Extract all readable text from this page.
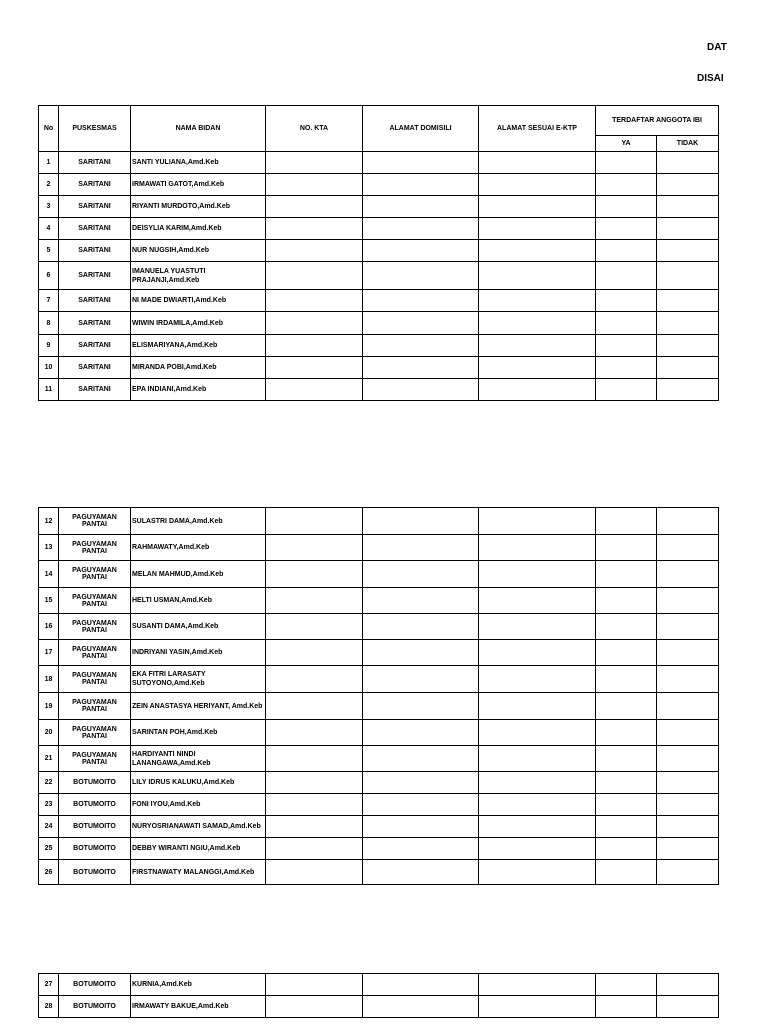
DAT
DISAI
No	PUSKESMAS	NAMA BIDAN	NO. KTA	ALAMAT DOMISILI	ALAMAT SESUAI E-KTP	TERDAFTAR ANGGOTA IBI	
						YA	TIDAK
1	SARITANI	SANTI YULIANA,Amd.Keb					
2	SARITANI	IRMAWATI GATOT,Amd.Keb					
3	SARITANI	RIYANTI MURDOTO,Amd.Keb					
4	SARITANI	DEISYLIA KARIM,Amd.Keb					
5	SARITANI	NUR NUGSIH,Amd.Keb					
6	SARITANI	IMANUELA YUASTUTI PRAJANJI,Amd.Keb					
7	SARITANI	NI MADE DWIARTI,Amd.Keb					
8	SARITANI	WIWIN IRDAMILA,Amd.Keb					
9	SARITANI	ELISMARIYANA,Amd.Keb					
10	SARITANI	MIRANDA POBI,Amd.Keb					
11	SARITANI	EPA INDIANI,Amd.Keb					
12	PAGUYAMAN PANTAI	SULASTRI DAMA,Amd.Keb					
13	PAGUYAMAN PANTAI	RAHMAWATY,Amd.Keb					
14	PAGUYAMAN PANTAI	MELAN MAHMUD,Amd.Keb					
15	PAGUYAMAN PANTAI	HELTI USMAN,Amd.Keb					
16	PAGUYAMAN PANTAI	SUSANTI DAMA,Amd.Keb					
17	PAGUYAMAN PANTAI	INDRIYANI YASIN,Amd.Keb					
18	PAGUYAMAN PANTAI	EKA FITRI LARASATY SUTOYONO,Amd.Keb					
19	PAGUYAMAN PANTAI	ZEIN ANASTASYA HERIYANT, Amd.Keb					
20	PAGUYAMAN PANTAI	SARINTAN POH,Amd.Keb					
21	PAGUYAMAN PANTAI	HARDIYANTI NINDI LANANGAWA,Amd.Keb					
22	BOTUMOITO	LILY IDRUS KALUKU,Amd.Keb					
23	BOTUMOITO	FONI IYOU,Amd.Keb					
24	BOTUMOITO	NURYOSRIANAWATI SAMAD,Amd.Keb					
25	BOTUMOITO	DEBBY WIRANTI NGIU,Amd.Keb					
26	BOTUMOITO	FIRSTNAWATY MALANGGI,Amd.Keb					
27	BOTUMOITO	KURNIA,Amd.Keb					
28	BOTUMOITO	IRMAWATY BAKUE,Amd.Keb					
